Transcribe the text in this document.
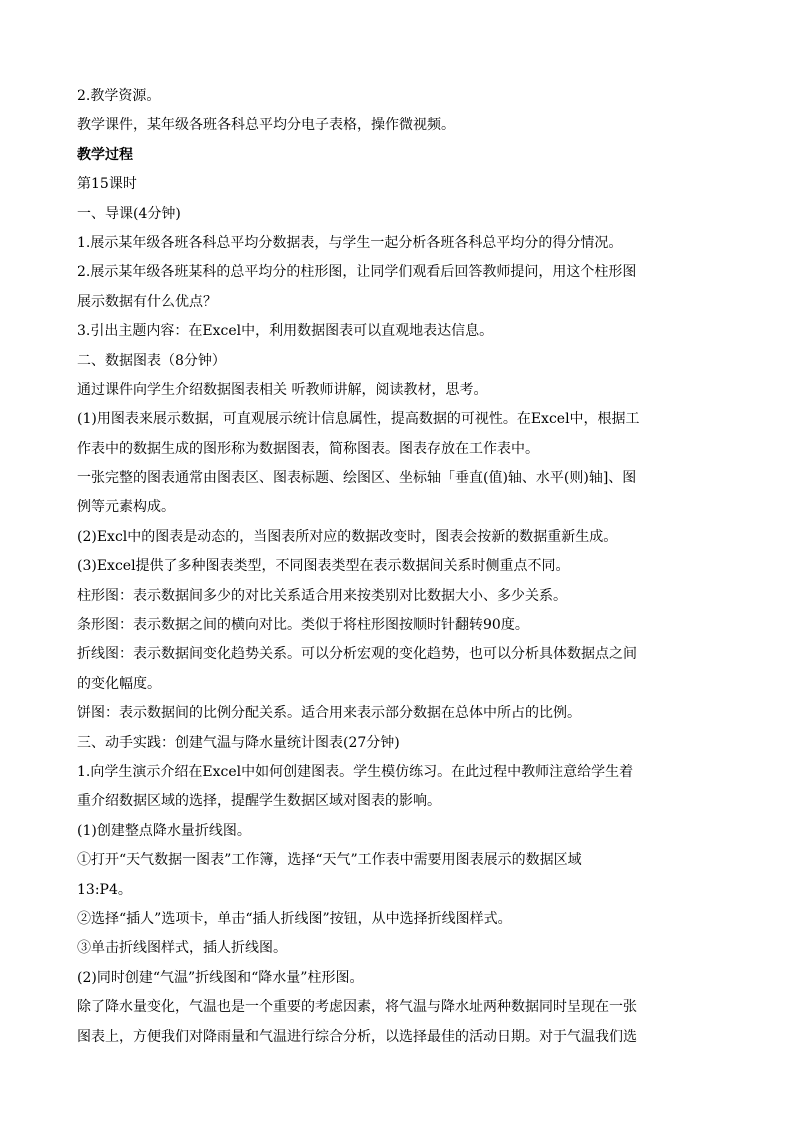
2.教学资源。
教学课件，某年级各班各科总平均分电子表格，操作微视频。
教学过程
第15课时
一、导课(4分钟)
1.展示某年级各班各科总平均分数据表，与学生一起分析各班各科总平均分的得分情况。
2.展示某年级各班某科的总平均分的柱形图，让同学们观看后回答教师提问，用这个柱形图
展示数据有什么优点？
3.引出主题内容：在Excel中，利用数据图表可以直观地表达信息。
二、数据图表（8分钟）
通过课件向学生介绍数据图表相关 听教师讲解，阅读教材，思考。
(1)用图表来展示数据，可直观展示统计信息属性，提高数据的可视性。在Excel中，根据工
作表中的数据生成的图形称为数据图表，简称图表。图表存放在工作表中。
一张完整的图表通常由图表区、图表标题、绘图区、坐标轴「垂直(值)轴、水平(则)轴]、图
例等元素构成。
(2)Excl中的图表是动态的，当图表所对应的数据改变时，图表会按新的数据重新生成。
(3)Excel提供了多种图表类型，不同图表类型在表示数据间关系时侧重点不同。
柱形图：表示数据间多少的对比关系适合用来按类别对比数据大小、多少关系。
条形图：表示数据之间的横向对比。类似于将柱形图按顺时针翻转90度。
折线图：表示数据间变化趋势关系。可以分析宏观的变化趋势，也可以分析具体数据点之间
的变化幅度。
饼图：表示数据间的比例分配关系。适合用来表示部分数据在总体中所占的比例。
三、动手实践：创建气温与降水量统计图表(27分钟)
1.向学生演示介绍在Excel中如何创建图表。学生模仿练习。在此过程中教师注意给学生着
重介绍数据区域的选择，提醒学生数据区域对图表的影响。
(1)创建整点降水量折线图。
①打开“天气数据一图表”工作簿，选择“天气”工作表中需要用图表展示的数据区域
13:P4。
②选择“插人”选项卡，单击“插人折线图”按钮，从中选择折线图样式。
③单击折线图样式，插人折线图。
(2)同时创建“气温”折线图和“降水量”柱形图。
除了降水量变化，气温也是一个重要的考虑因素，将气温与降水址两种数据同时呈现在一张
图表上，方便我们对降雨量和气温进行综合分析，以选择最佳的活动日期。对于气温我们选
